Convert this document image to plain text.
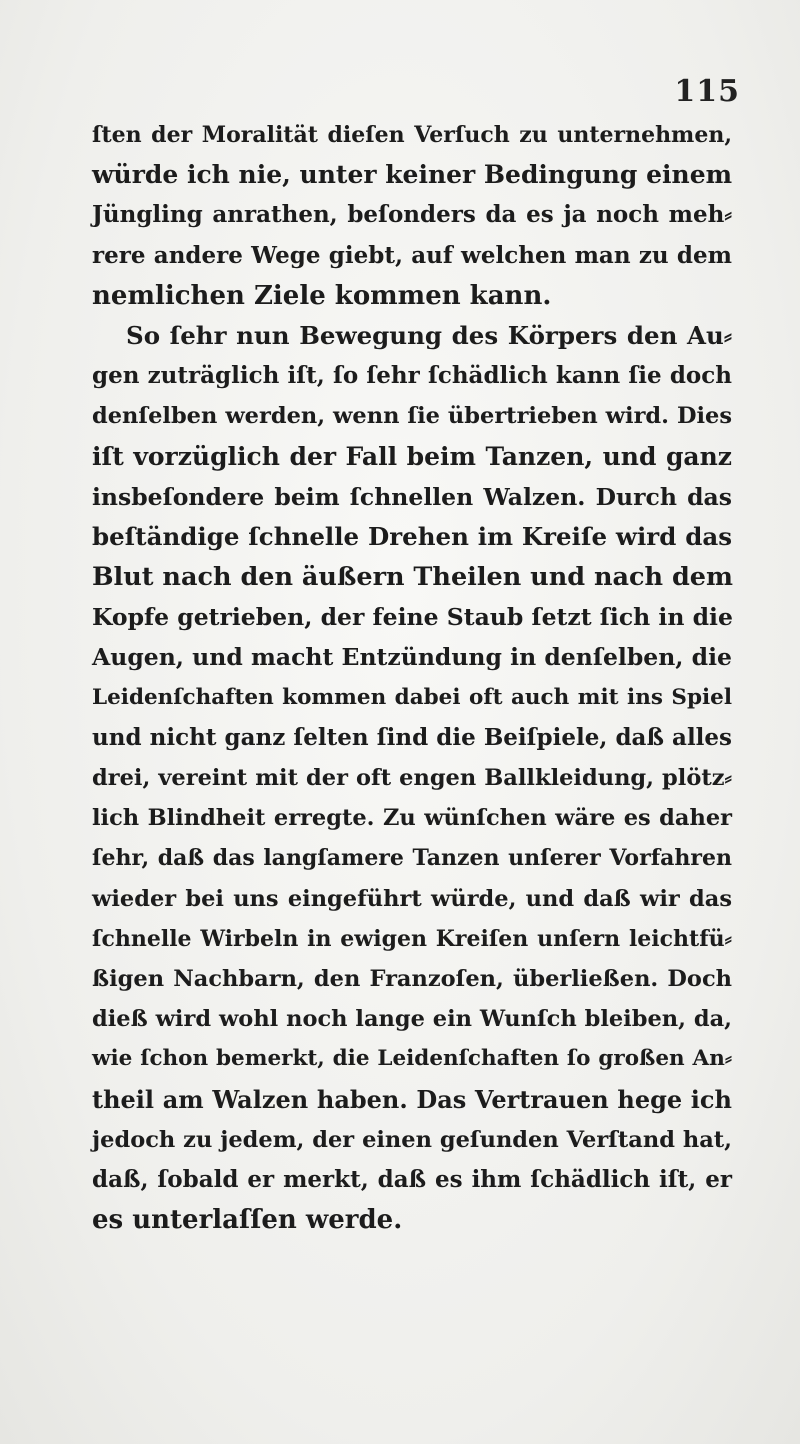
115
ſten der Moralität dieſen Verſuch zu unternehmen,
würde ich nie, unter keiner Bedingung einem
Jüngling anrathen, beſonders da es ja noch meh⸗
rere andere Wege giebt, auf welchen man zu dem
nemlichen Ziele kommen kann.
So ſehr nun Bewegung des Körpers den Au⸗
gen zuträglich iſt, ſo ſehr ſchädlich kann ſie doch
denſelben werden, wenn ſie übertrieben wird. Dies
iſt vorzüglich der Fall beim Tanzen, und ganz
insbeſondere beim ſchnellen Walzen. Durch das
beſtändige ſchnelle Drehen im Kreiſe wird das
Blut nach den äußern Theilen und nach dem
Kopfe getrieben, der feine Staub ſetzt ſich in die
Augen, und macht Entzündung in denſelben, die
Leidenſchaften kommen dabei oft auch mit ins Spiel
und nicht ganz ſelten ſind die Beiſpiele, daß alles
drei, vereint mit der oft engen Ballkleidung, plötz⸗
lich Blindheit erregte. Zu wünſchen wäre es daher
ſehr, daß das langſamere Tanzen unſerer Vorfahren
wieder bei uns eingeführt würde, und daß wir das
ſchnelle Wirbeln in ewigen Kreiſen unſern leichtfü⸗
ßigen Nachbarn, den Franzoſen, überließen. Doch
dieß wird wohl noch lange ein Wunſch bleiben, da,
wie ſchon bemerkt, die Leidenſchaften ſo großen An⸗
theil am Walzen haben. Das Vertrauen hege ich
jedoch zu jedem, der einen geſunden Verſtand hat,
daß, ſobald er merkt, daß es ihm ſchädlich iſt, er
es unterlaſſen werde.
